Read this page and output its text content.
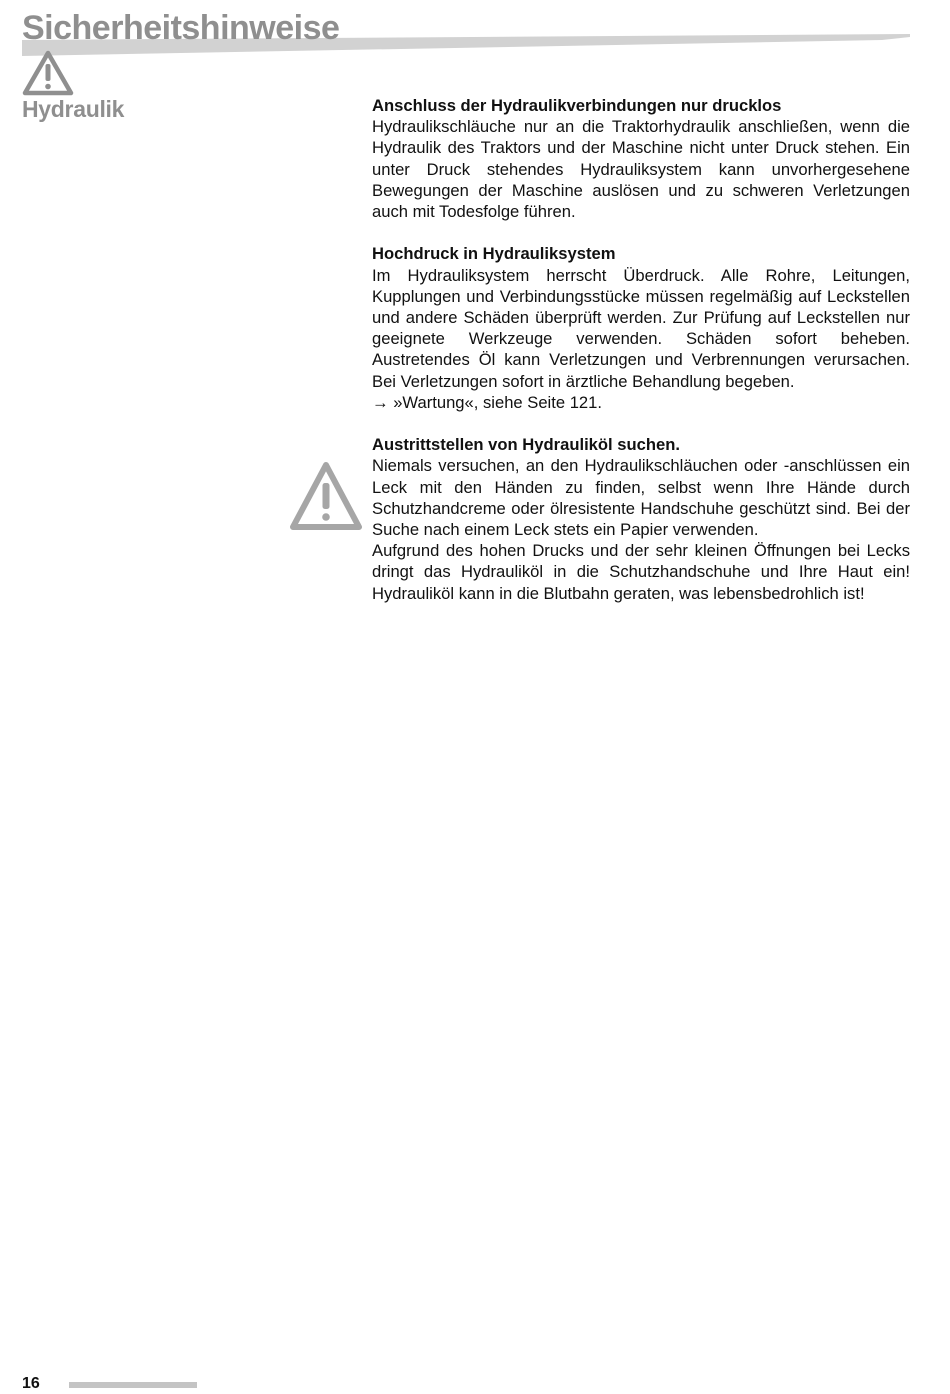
Sicherheitshinweise
Hydraulik	Anschluss der Hydraulikverbindungen nur drucklos

Hydraulikschläuche nur an die Traktorhydraulik anschließen, wenn die Hydraulik des Traktors und der Maschine nicht unter Druck stehen. Ein unter Druck stehendes Hydrauliksystem kann unvorhergesehene Bewegungen der Maschine auslösen und zu schweren Verletzungen auch mit Todesfolge führen.

Hochdruck in Hydrauliksystem

Im Hydrauliksystem herrscht Überdruck. Alle Rohre, Leitungen, Kupplungen und Verbindungsstücke müssen regelmäßig auf Leckstellen und andere Schäden überprüft werden. Zur Prüfung auf Leckstellen nur geeignete Werkzeuge verwenden. Schäden sofort beheben. Austretendes Öl kann Verletzungen und Verbrennungen verursachen. Bei Verletzungen sofort in ärztliche Behandlung begeben.

→ »Wartung«, siehe Seite 121.

Austrittstellen von Hydrauliköl suchen.

Niemals versuchen, an den Hydraulikschläuchen oder -anschlüssen ein Leck mit den Händen zu finden, selbst wenn Ihre Hände durch Schutzhandcreme oder ölresistente Handschuhe geschützt sind. Bei der Suche nach einem Leck stets ein Papier verwenden.

Aufgrund des hohen Drucks und der sehr kleinen Öffnungen bei Lecks dringt das Hydrauliköl in die Schutzhandschuhe und Ihre Haut ein! Hydrauliköl kann in die Blutbahn geraten, was lebensbedrohlich ist!

16
